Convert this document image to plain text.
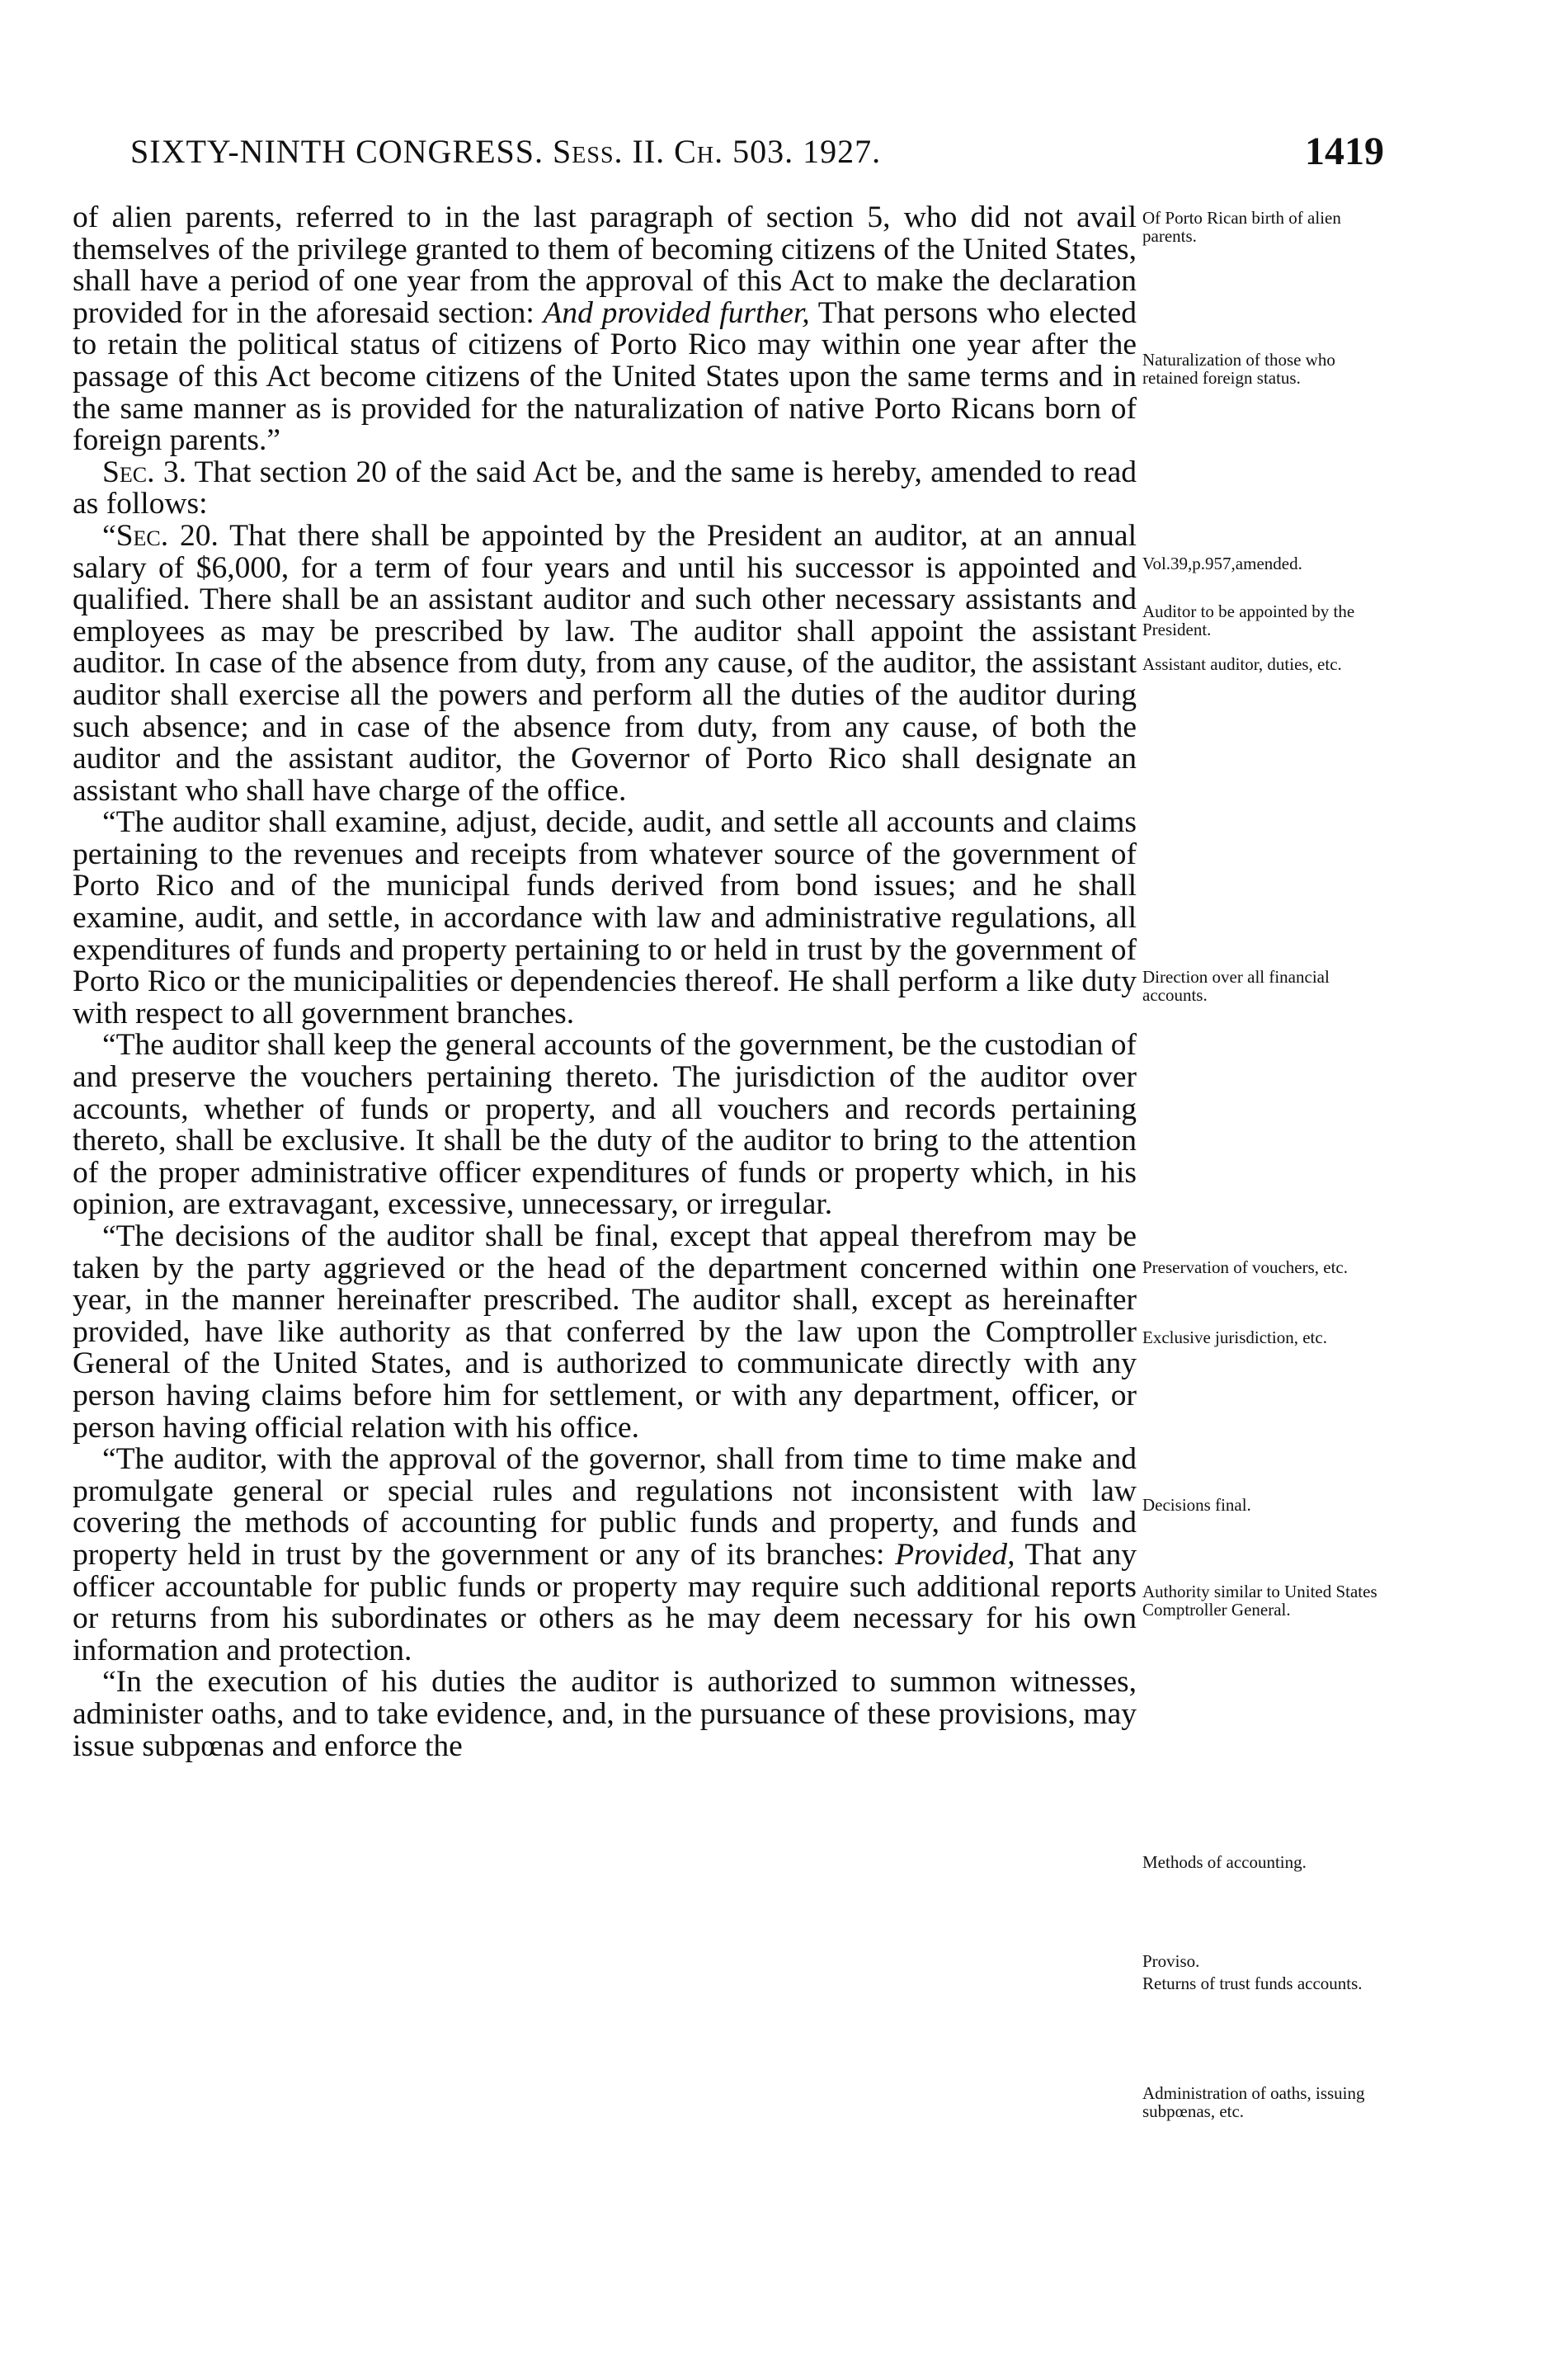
SIXTY-NINTH CONGRESS. Sess. II. Ch. 503. 1927.	1419

of alien parents, referred to in the last paragraph of section 5, who did not avail themselves of the privilege granted to them of becoming citizens of the United States, shall have a period of one year from the approval of this Act to make the declaration provided for in the aforesaid section: And provided further, That persons who elected to retain the political status of citizens of Porto Rico may within one year after the passage of this Act become citizens of the United States upon the same terms and in the same manner as is provided for the naturalization of native Porto Ricans born of foreign parents.”

Sec. 3. That section 20 of the said Act be, and the same is hereby, amended to read as follows:

“Sec. 20. That there shall be appointed by the President an auditor, at an annual salary of $6,000, for a term of four years and until his successor is appointed and qualified. There shall be an assistant auditor and such other necessary assistants and employees as may be prescribed by law. The auditor shall appoint the assistant auditor. In case of the absence from duty, from any cause, of the auditor, the assistant auditor shall exercise all the powers and perform all the duties of the auditor during such absence; and in case of the absence from duty, from any cause, of both the auditor and the assistant auditor, the Governor of Porto Rico shall designate an assistant who shall have charge of the office.

“The auditor shall examine, adjust, decide, audit, and settle all accounts and claims pertaining to the revenues and receipts from whatever source of the government of Porto Rico and of the municipal funds derived from bond issues; and he shall examine, audit, and settle, in accordance with law and administrative regulations, all expenditures of funds and property pertaining to or held in trust by the government of Porto Rico or the municipalities or dependencies thereof. He shall perform a like duty with respect to all government branches.

“The auditor shall keep the general accounts of the government, be the custodian of and preserve the vouchers pertaining thereto. The jurisdiction of the auditor over accounts, whether of funds or property, and all vouchers and records pertaining thereto, shall be exclusive. It shall be the duty of the auditor to bring to the attention of the proper administrative officer expenditures of funds or property which, in his opinion, are extravagant, excessive, unnecessary, or irregular.

“The decisions of the auditor shall be final, except that appeal therefrom may be taken by the party aggrieved or the head of the department concerned within one year, in the manner hereinafter prescribed. The auditor shall, except as hereinafter provided, have like authority as that conferred by the law upon the Comptroller General of the United States, and is authorized to communicate directly with any person having claims before him for settlement, or with any department, officer, or person having official relation with his office.

“The auditor, with the approval of the governor, shall from time to time make and promulgate general or special rules and regulations not inconsistent with law covering the methods of accounting for public funds and property, and funds and property held in trust by the government or any of its branches: Provided, That any officer accountable for public funds or property may require such additional reports or returns from his subordinates or others as he may deem necessary for his own information and protection.

“In the execution of his duties the auditor is authorized to summon witnesses, administer oaths, and to take evidence, and, in the pursuance of these provisions, may issue subpœnas and enforce the

Of Porto Rican birth of alien parents.
Naturalization of those who retained foreign status.
Vol.39,p.957,amended.
Auditor to be appointed by the President.
Assistant auditor, duties, etc.
Direction over all financial accounts.
Preservation of vouchers, etc.
Exclusive jurisdiction, etc.
Decisions final.
Authority similar to United States Comptroller General.
Methods of accounting.
Proviso.
Returns of trust funds accounts.
Administration of oaths, issuing subpœnas, etc.
